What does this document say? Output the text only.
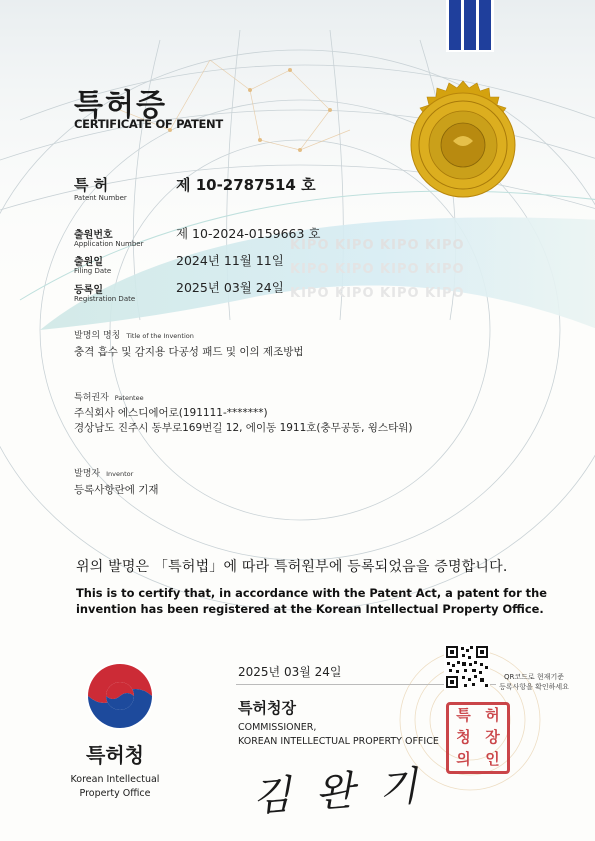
특허증
CERTIFICATE OF PATENT
특 허
Patent Number
제 10-2787514 호
출원번호
Application Number
제 10-2024-0159663 호
출원일
Filing Date
2024년 11월 11일
KIPO KIPO KIPO KIPO
KIPO KIPO KIPO KIPO
KIPO KIPO KIPO KIPO
등록일
Registration Date
2025년 03월 24일
발명의 명칭 Title of the Invention
충격 흡수 및 감지용 다공성 패드 및 이의 제조방법
특허권자 Patentee
주식회사 에스디에어로(191111-*******)
경상남도 진주시 동부로169번길 12, 에이동 1911호(충무공동, 윙스타워)
발명자 Inventor
등록사항란에 기재
위의 발명은 「특허법」에 따라 특허원부에 등록되었음을 증명합니다.
This is to certify that, in accordance with the Patent Act, a patent for the invention has been registered at the Korean Intellectual Property Office.
특허청
Korean Intellectual
Property Office
2025년 03월 24일
특허청장
COMMISSIONER,
KOREAN INTELLECTUAL PROPERTY OFFICE
QR코드로 현재기준
등록사항을 확인하세요
특 허
청 장
의 인
김 완 기
